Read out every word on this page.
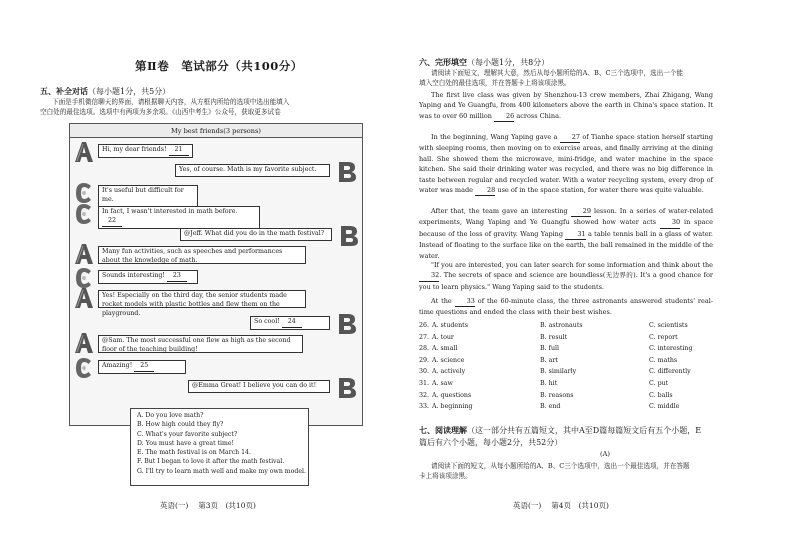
第Ⅱ卷　笔试部分（共100分）
五、补全对话（每小题1分，共5分）
下面是手机微信聊天的界面，请根据聊天内容，从方框内所给的选项中选出能填入
空白处的最佳选项。选项中有两项为多余项。《山西中考生》公众号，获取更多试卷
My best friends(3 persons)
Hi, my dear friends! 21
Yes, of course. Math is my favorite subject.
It's useful but difficult for me.
In fact, I wasn't interested in math before. 22
@Jeff. What did you do in the math festival?
Many fun activities, such as speeches and performances about the knowledge of math.
Sounds interesting! 23
Yes! Especially on the third day, the senior students made rocket models with plastic bottles and flew them on the playground.
So cool! 24
@Sam. The most successful one flew as high as the second floor of the teaching building!
Amazing! 25
@Emma Great! I believe you can do it!
A. Do you love math?
B. How high could they fly?
C. What's your favorite subject?
D. You must have a great time!
E. The math festival is on March 14.
F. But I began to love it after the math festival.
G. I'll try to learn math well and make my own model.
英语(一)　 第3页　(共10页)
六、完形填空（每小题1分，共8分）
请阅读下面短文，理解其大意，然后从每小题所给的A、B、C三个选项中，选出一个能
填入空白处的最佳选项，并在答题卡上将该项涂黑。
The first live class was given by Shenzhou-13 crew members, Zhai Zhigang, Wang Yaping and Ye Guangfu, from 400 kilometers above the earth in China's space station. It was to over 60 million 26 across China.
In the beginning, Wang Yaping gave a 27 of Tianhe space station herself starting with sleeping rooms, then moving on to exercise areas, and finally arriving at the dining hall. She showed them the microwave, mini-fridge, and water machine in the space kitchen. She said their drinking water was recycled, and there was no big difference in taste between regular and recycled water. With a water recycling system, every drop of water was made 28 use of in the space station, for water there was quite valuable.
After that, the team gave an interesting 29 lesson. In a series of water-related experiments, Wang Yaping and Ye Guangfu showed how water acts 30 in space because of the loss of gravity. Wang Yaping 31 a table tennis ball in a glass of water. Instead of floating to the surface like on the earth, the ball remained in the middle of the water.
"If you are interested, you can later search for some information and think about the 32. The secrets of space and science are boundless(无边界的). It's a good chance for you to learn physics." Wang Yaping said to the students.
At the 33 of the 60-minute class, the three astronants answered students' real-time questions and ended the class with their best wishes.
26. A. students	B. astronauts	C. scientists
27. A. tour	B. result	C. report
28. A. small	B. full	C. interesting
29. A. science	B. art	C. maths
30. A. actively	B. similarly	C. differently
31. A. saw	B. hit	C. put
32. A. questions	B. reasons	C. balls
33. A. beginning	B. end	C. middle
七、阅读理解（这一部分共有五篇短文，其中A至D篇每篇短文后有五个小题，E
篇后有六个小题，每小题2分，共52分）
(A)
请阅读下面的短文，从每小题所给的A、B、C三个选项中，选出一个最佳选项，并在答题
卡上将该项涂黑。
英语(一)　 第4页　(共10页)
